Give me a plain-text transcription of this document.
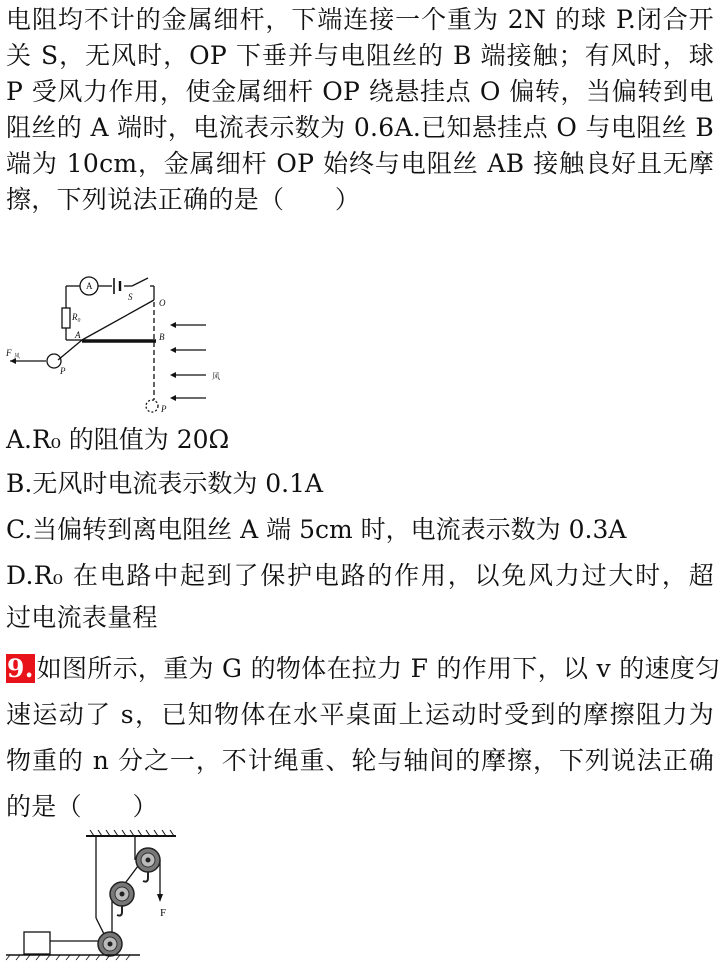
电阻均不计的金属细杆，下端连接一个重为 2N 的球 P.闭合开
关 S，无风时，OP 下垂并与电阻丝的 B 端接触；有风时，球
P 受风力作用，使金属细杆 OP 绕悬挂点 O 偏转，当偏转到电
阻丝的 A 端时，电流表示数为 0.6A.已知悬挂点 O 与电阻丝 B
端为 10cm，金属细杆 OP 始终与电阻丝 AB 接触良好且无摩
擦，下列说法正确的是（　　）
A
S
R₀
O
A	B
P
P
F 风
风
A.R₀ 的阻值为 20Ω
B.无风时电流表示数为 0.1A
C.当偏转到离电阻丝 A 端 5cm 时，电流表示数为 0.3A
D.R₀ 在电路中起到了保护电路的作用，以免风力过大时，超
过电流表量程
9. 如图所示，重为 G 的物体在拉力 F 的作用下，以 v 的速度匀
速运动了 s，已知物体在水平桌面上运动时受到的摩擦阻力为
物重的 n 分之一，不计绳重、轮与轴间的摩擦，下列说法正确
的是（　　）
F
